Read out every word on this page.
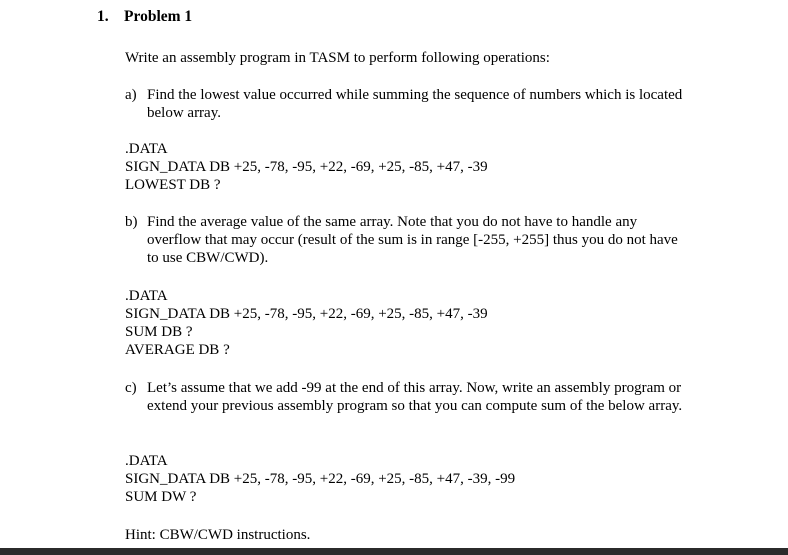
1. Problem 1
Write an assembly program in TASM to perform following operations:
a) Find the lowest value occurred while summing the sequence of numbers which is located below array.
.DATA
SIGN_DATA DB +25, -78, -95, +22, -69, +25, -85, +47, -39
LOWEST DB ?
b) Find the average value of the same array. Note that you do not have to handle any overflow that may occur (result of the sum is in range [-255, +255] thus you do not have to use CBW/CWD).
.DATA
SIGN_DATA DB +25, -78, -95, +22, -69, +25, -85, +47, -39
SUM DB ?
AVERAGE DB ?
c) Let’s assume that we add -99 at the end of this array. Now, write an assembly program or extend your previous assembly program so that you can compute sum of the below array.
.DATA
SIGN_DATA DB +25, -78, -95, +22, -69, +25, -85, +47, -39, -99
SUM DW ?
Hint: CBW/CWD instructions.
